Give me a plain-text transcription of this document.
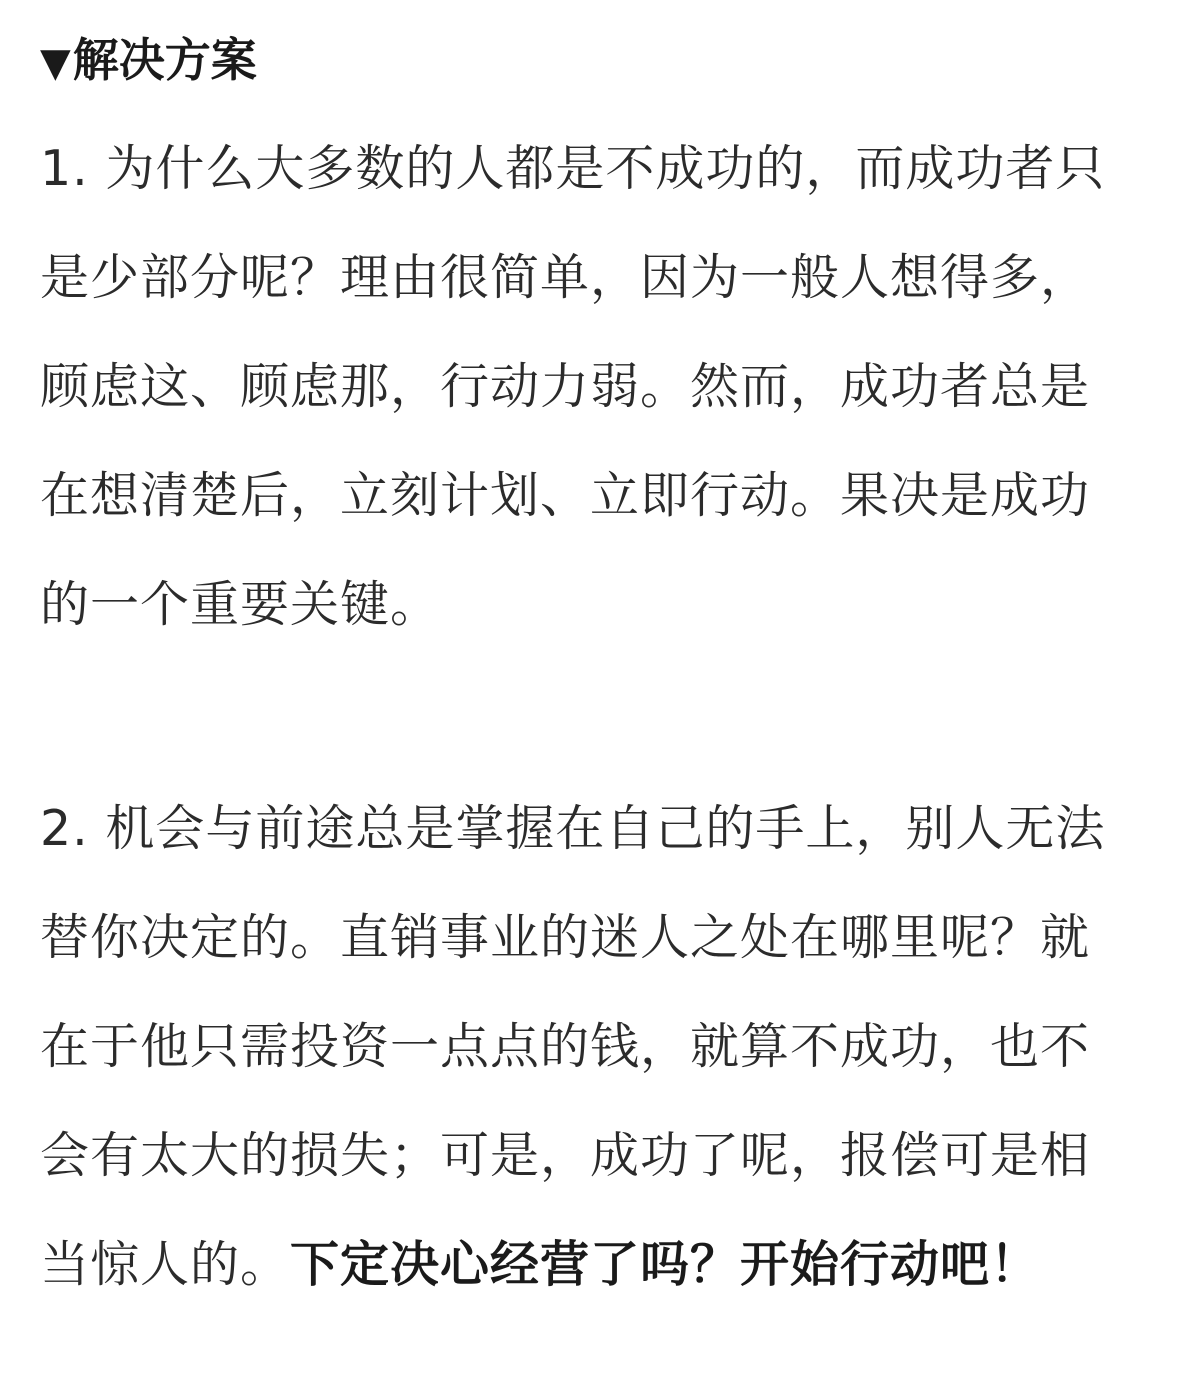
▼解决方案
1. 为什么大多数的人都是不成功的，而成功者只
是少部分呢？理由很简单，因为一般人想得多，
顾虑这、顾虑那，行动力弱。然而，成功者总是
在想清楚后，立刻计划、立即行动。果决是成功
的一个重要关键。
2. 机会与前途总是掌握在自己的手上，别人无法
替你决定的。直销事业的迷人之处在哪里呢？就
在于他只需投资一点点的钱，就算不成功，也不
会有太大的损失；可是，成功了呢，报偿可是相
当惊人的。下定决心经营了吗？开始行动吧！
